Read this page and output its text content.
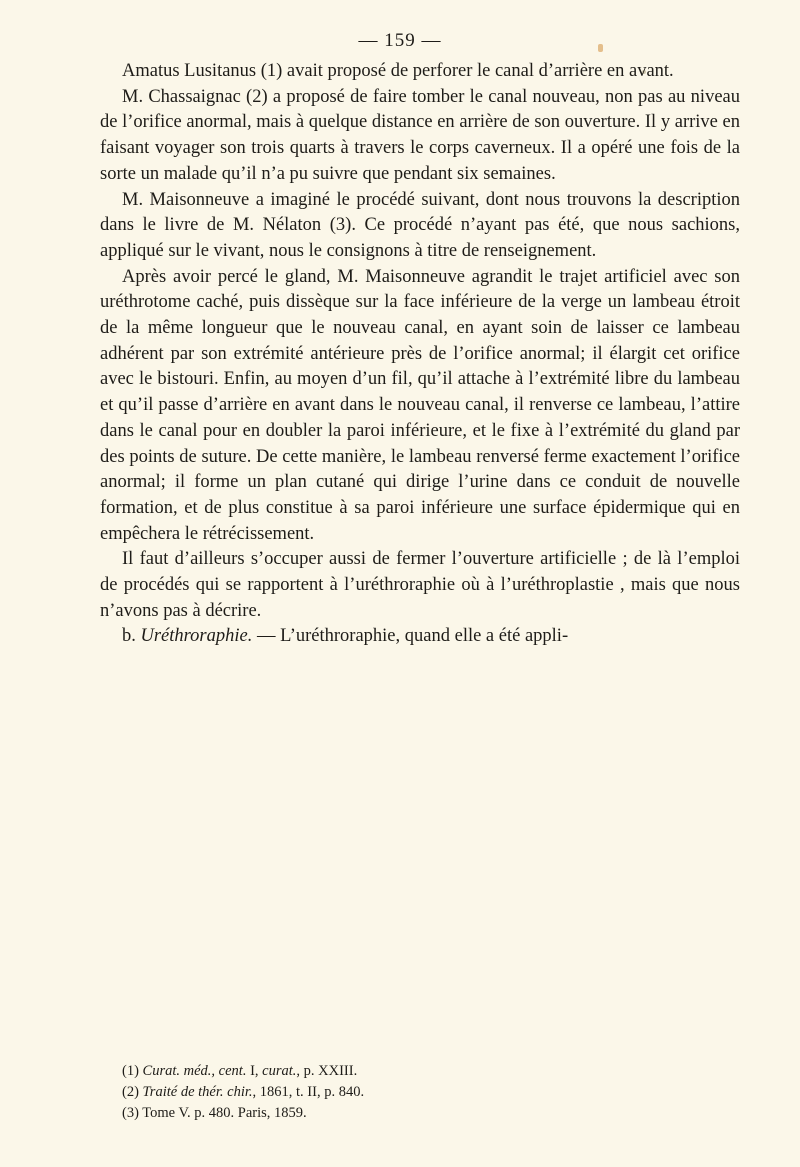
— 159 —

Amatus Lusitanus (1) avait proposé de perforer le canal d’arrière en avant.

M. Chassaignac (2) a proposé de faire tomber le canal nouveau, non pas au niveau de l’orifice anormal, mais à quelque distance en arrière de son ouverture. Il y arrive en faisant voyager son trois quarts à travers le corps caverneux. Il a opéré une fois de la sorte un malade qu’il n’a pu suivre que pendant six semaines.

M. Maisonneuve a imaginé le procédé suivant, dont nous trouvons la description dans le livre de M. Nélaton (3). Ce procédé n’ayant pas été, que nous sachions, appliqué sur le vivant, nous le consignons à titre de renseignement.

Après avoir percé le gland, M. Maisonneuve agrandit le trajet artificiel avec son uréthrotome caché, puis dissèque sur la face inférieure de la verge un lambeau étroit de la même longueur que le nouveau canal, en ayant soin de laisser ce lambeau adhérent par son extrémité antérieure près de l’orifice anormal; il élargit cet orifice avec le bistouri. Enfin, au moyen d’un fil, qu’il attache à l’extrémité libre du lambeau et qu’il passe d’arrière en avant dans le nouveau canal, il renverse ce lambeau, l’attire dans le canal pour en doubler la paroi inférieure, et le fixe à l’extrémité du gland par des points de suture. De cette manière, le lambeau renversé ferme exactement l’orifice anormal; il forme un plan cutané qui dirige l’urine dans ce conduit de nouvelle formation, et de plus constitue à sa paroi inférieure une surface épidermique qui en empêchera le rétrécissement.

Il faut d’ailleurs s’occuper aussi de fermer l’ouverture artificielle ; de là l’emploi de procédés qui se rapportent à l’uréthroraphie où à l’uréthroplastie , mais que nous n’avons pas à décrire.

b. Uréthroraphie. — L’uréthroraphie, quand elle a été appli-

(1) Curat. méd., cent. I, curat., p. XXIII.

(2) Traité de thér. chir., 1861, t. II, p. 840.

(3) Tome V. p. 480. Paris, 1859.
